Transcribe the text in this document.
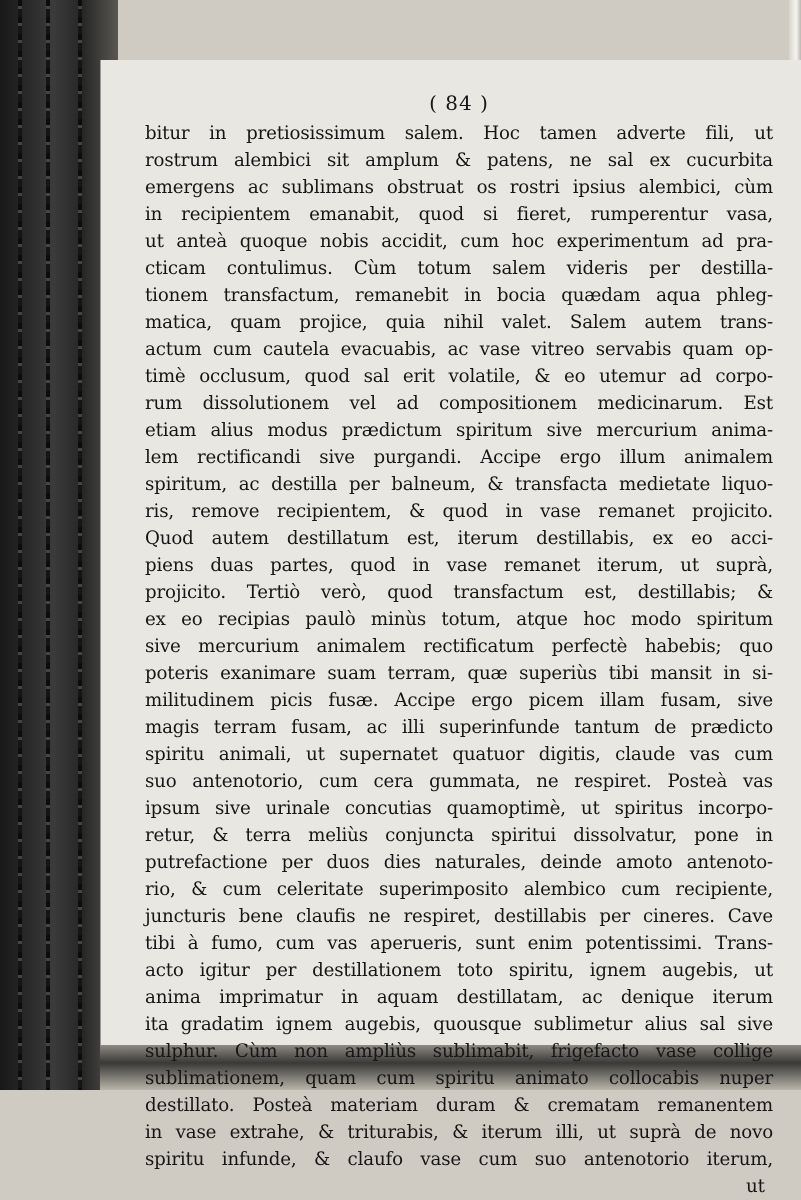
( 84 )
bitur in pretiosissimum salem. Hoc tamen adverte fili, ut
rostrum alembici sit amplum & patens, ne sal ex cucurbita
emergens ac sublimans obstruat os rostri ipsius alembici, cùm
in recipientem emanabit, quod si fieret, rumperentur vasa,
ut anteà quoque nobis accidit, cum hoc experimentum ad pra-
cticam contulimus. Cùm totum salem videris per destilla-
tionem transfactum, remanebit in bocia quædam aqua phleg-
matica, quam projice, quia nihil valet. Salem autem trans-
actum cum cautela evacuabis, ac vase vitreo servabis quam op-
timè occlusum, quod sal erit volatile, & eo utemur ad corpo-
rum dissolutionem vel ad compositionem medicinarum. Est
etiam alius modus prædictum spiritum sive mercurium anima-
lem rectificandi sive purgandi. Accipe ergo illum animalem
spiritum, ac destilla per balneum, & transfacta medietate liquo-
ris, remove recipientem, & quod in vase remanet projicito.
Quod autem destillatum est, iterum destillabis, ex eo acci-
piens duas partes, quod in vase remanet iterum, ut suprà,
projicito. Tertiò verò, quod transfactum est, destillabis; &
ex eo recipias paulò minùs totum, atque hoc modo spiritum
sive mercurium animalem rectificatum perfectè habebis; quo
poteris exanimare suam terram, quæ superiùs tibi mansit in si-
militudinem picis fusæ. Accipe ergo picem illam fusam, sive
magis terram fusam, ac illi superinfunde tantum de prædicto
spiritu animali, ut supernatet quatuor digitis, claude vas cum
suo antenotorio, cum cera gummata, ne respiret. Posteà vas
ipsum sive urinale concutias quamoptimè, ut spiritus incorpo-
retur, & terra meliùs conjuncta spiritui dissolvatur, pone in
putrefactione per duos dies naturales, deinde amoto antenoto-
rio, & cum celeritate superimposito alembico cum recipiente,
juncturis bene claufis ne respiret, destillabis per cineres. Cave
tibi à fumo, cum vas aperueris, sunt enim potentissimi. Trans-
acto igitur per destillationem toto spiritu, ignem augebis, ut
anima imprimatur in aquam destillatam, ac denique iterum
ita gradatim ignem augebis, quousque sublimetur alius sal sive
sulphur. Cùm non ampliùs sublimabit, frigefacto vase collige
sublimationem, quam cum spiritu animato collocabis nuper
destillato. Posteà materiam duram & crematam remanentem
in vase extrahe, & triturabis, & iterum illi, ut suprà de novo
spiritu infunde, & claufo vase cum suo antenotorio iterum,
ut
